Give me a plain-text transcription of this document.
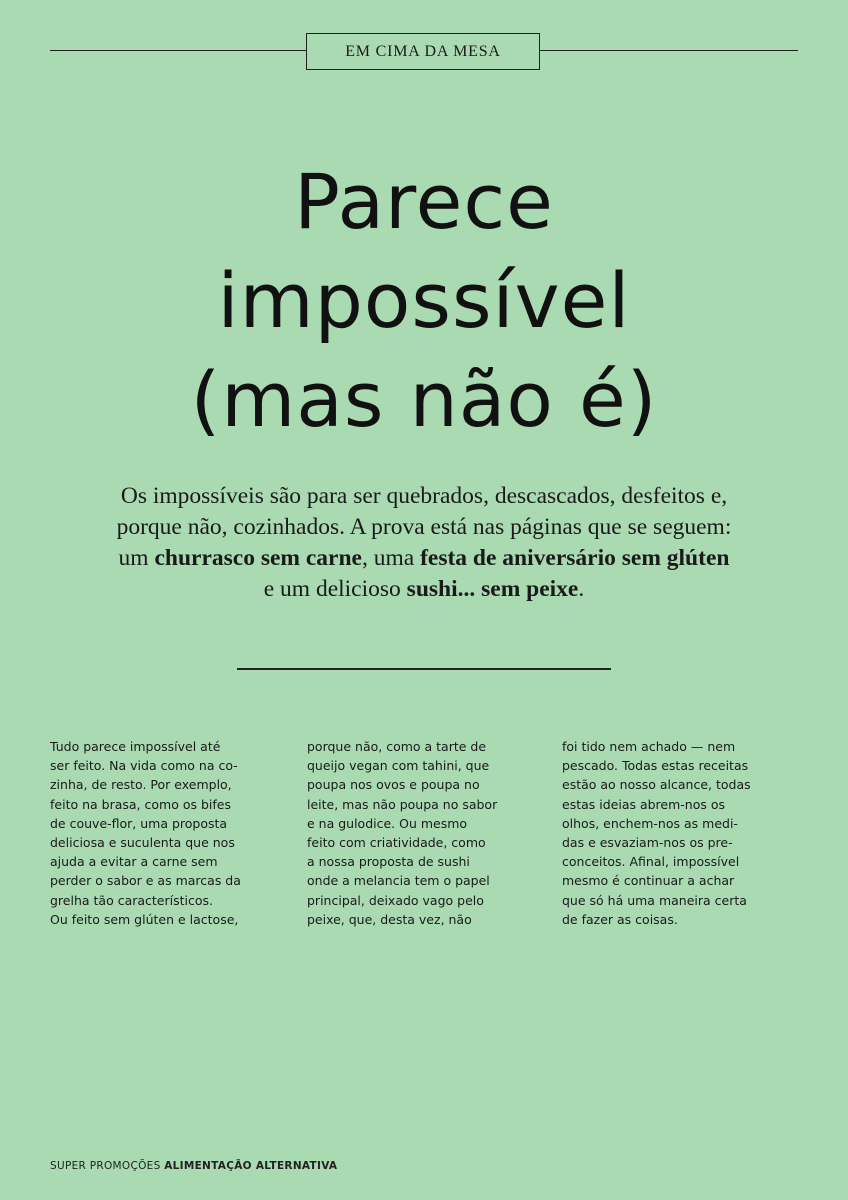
EM CIMA DA MESA
Parece
impossível
(mas não é)

Os impossíveis são para ser quebrados, descascados, desfeitos e,
porque não, cozinhados. A prova está nas páginas que se seguem:
um churrasco sem carne, uma festa de aniversário sem glúten
e um delicioso sushi... sem peixe.

Tudo parece impossível até
ser feito. Na vida como na co-
zinha, de resto. Por exemplo,
feito na brasa, como os bifes
de couve-flor, uma proposta
deliciosa e suculenta que nos
ajuda a evitar a carne sem
perder o sabor e as marcas da
grelha tão característicos.
Ou feito sem glúten e lactose,
porque não, como a tarte de
queijo vegan com tahini, que
poupa nos ovos e poupa no
leite, mas não poupa no sabor
e na gulodice. Ou mesmo
feito com criatividade, como
a nossa proposta de sushi
onde a melancia tem o papel
principal, deixado vago pelo
peixe, que, desta vez, não
foi tido nem achado — nem
pescado. Todas estas receitas
estão ao nosso alcance, todas
estas ideias abrem-nos os
olhos, enchem-nos as medi-
das e esvaziam-nos os pre-
conceitos. Afinal, impossível
mesmo é continuar a achar
que só há uma maneira certa
de fazer as coisas.
SUPER PROMOÇÕES ALIMENTAÇÃO ALTERNATIVA
